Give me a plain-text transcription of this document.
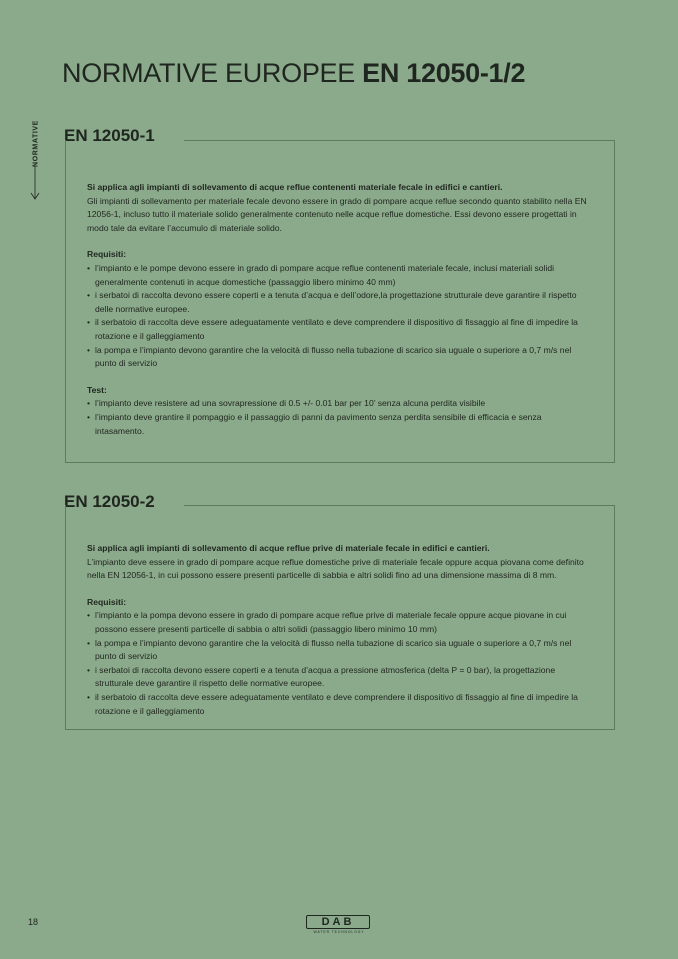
NORMATIVE EUROPEE EN 12050-1/2
NORMATIVE EN 12050-1

Si applica agli impianti di sollevamento di acque reflue contenenti materiale fecale in edifici e cantieri.

Gli impianti di sollevamento per materiale fecale devono essere in grado di pompare acque reflue secondo quanto stabilito nella EN 12056-1, incluso tutto il materiale solido generalmente contenuto nelle acque reflue domestiche. Essi devono essere progettati in modo tale da evitare l’accumulo di materiale solido.

Requisiti:

• l’impianto e le pompe devono essere in grado di pompare acque reflue contenenti materiale fecale, inclusi materiali solidi generalmente contenuti in acque domestiche (passaggio libero minimo 40 mm)
• i serbatoi di raccolta devono essere coperti e a tenuta d’acqua e dell’odore,la progettazione strutturale deve garantire il rispetto delle normative europee.
• il serbatoio di raccolta deve essere adeguatamente ventilato e deve comprendere il dispositivo di fissaggio al fine di impedire la rotazione e il galleggiamento
• la pompa e l’impianto devono garantire che la velocità di flusso nella tubazione di scarico sia uguale o superiore a 0,7 m/s nel punto di servizio

Test:

• l’impianto deve resistere ad una sovrapressione di 0.5 +/- 0.01 bar per 10’ senza alcuna perdita visibile
• l’impianto deve grantire il pompaggio e il passaggio di panni da pavimento senza perdita sensibile di efficacia e senza intasamento.
EN 12050-2

Si applica agli impianti di sollevamento di acque reflue prive di materiale fecale in edifici e cantieri.

L’impianto deve essere in grado di pompare acque reflue domestiche prive di materiale fecale oppure acqua piovana come definito nella EN 12056-1, in cui possono essere presenti particelle di sabbia e altri solidi fino ad una dimensione massima di 8 mm.

Requisiti:

• l’impianto e la pompa devono essere in grado di pompare acque reflue prive di materiale fecale oppure acque piovane in cui possono essere presenti particelle di sabbia o altri solidi (passaggio libero minimo 10 mm)
• la pompa e l’impianto devono garantire che la velocità di flusso nella tubazione di scarico sia uguale o superiore a 0,7 m/s nel punto di servizio
• i serbatoi di raccolta devono essere coperti e a tenuta d’acqua a pressione atmosferica (delta P = 0 bar), la progettazione strutturale deve garantire il rispetto delle normative europee.
• il serbatoio di raccolta deve essere adeguatamente ventilato e deve comprendere il dispositivo di fissaggio al fine di impedire la rotazione e il galleggiamento
18	DAB
WATER TECHNOLOGY
